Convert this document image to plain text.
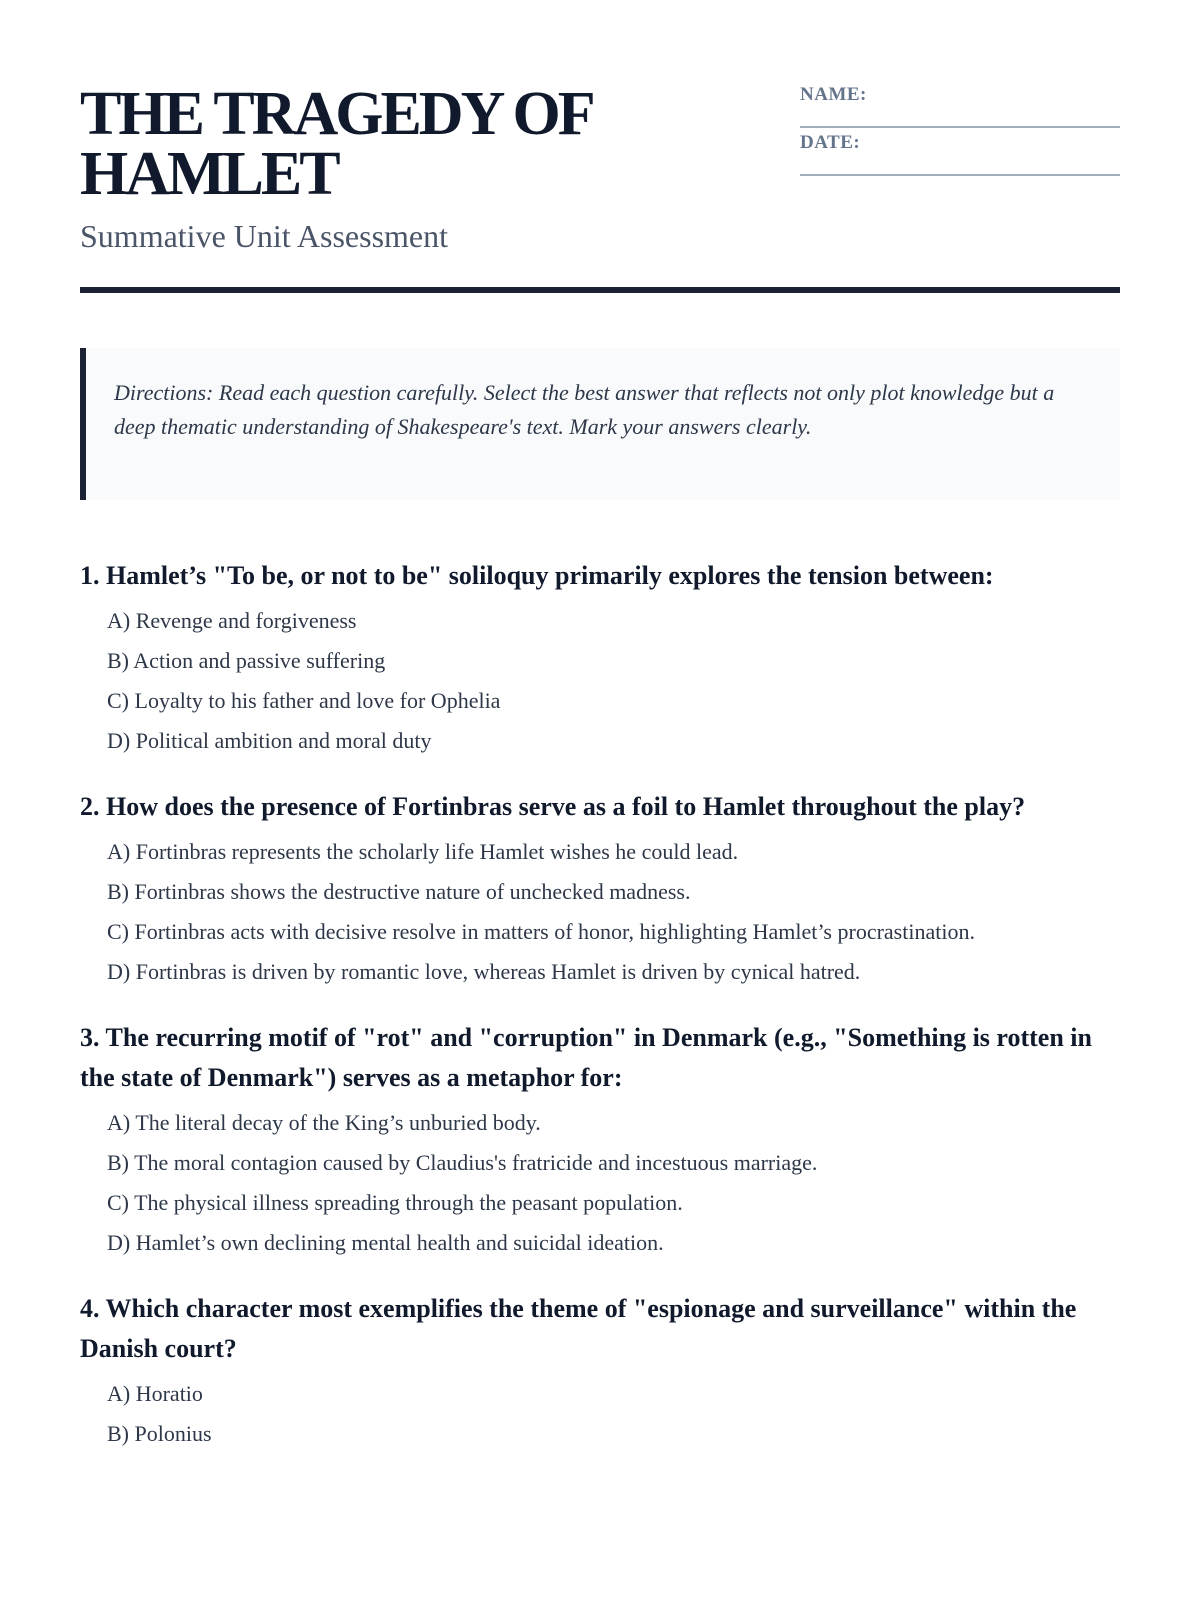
THE TRAGEDY OF HAMLET
Summative Unit Assessment
NAME:
DATE:
Directions: Read each question carefully. Select the best answer that reflects not only plot knowledge but a deep thematic understanding of Shakespeare's text. Mark your answers clearly.
1. Hamlet’s "To be, or not to be" soliloquy primarily explores the tension between:
A) Revenge and forgiveness
B) Action and passive suffering
C) Loyalty to his father and love for Ophelia
D) Political ambition and moral duty
2. How does the presence of Fortinbras serve as a foil to Hamlet throughout the play?
A) Fortinbras represents the scholarly life Hamlet wishes he could lead.
B) Fortinbras shows the destructive nature of unchecked madness.
C) Fortinbras acts with decisive resolve in matters of honor, highlighting Hamlet’s procrastination.
D) Fortinbras is driven by romantic love, whereas Hamlet is driven by cynical hatred.
3. The recurring motif of "rot" and "corruption" in Denmark (e.g., "Something is rotten in the state of Denmark") serves as a metaphor for:
A) The literal decay of the King’s unburied body.
B) The moral contagion caused by Claudius's fratricide and incestuous marriage.
C) The physical illness spreading through the peasant population.
D) Hamlet’s own declining mental health and suicidal ideation.
4. Which character most exemplifies the theme of "espionage and surveillance" within the Danish court?
A) Horatio
B) Polonius
